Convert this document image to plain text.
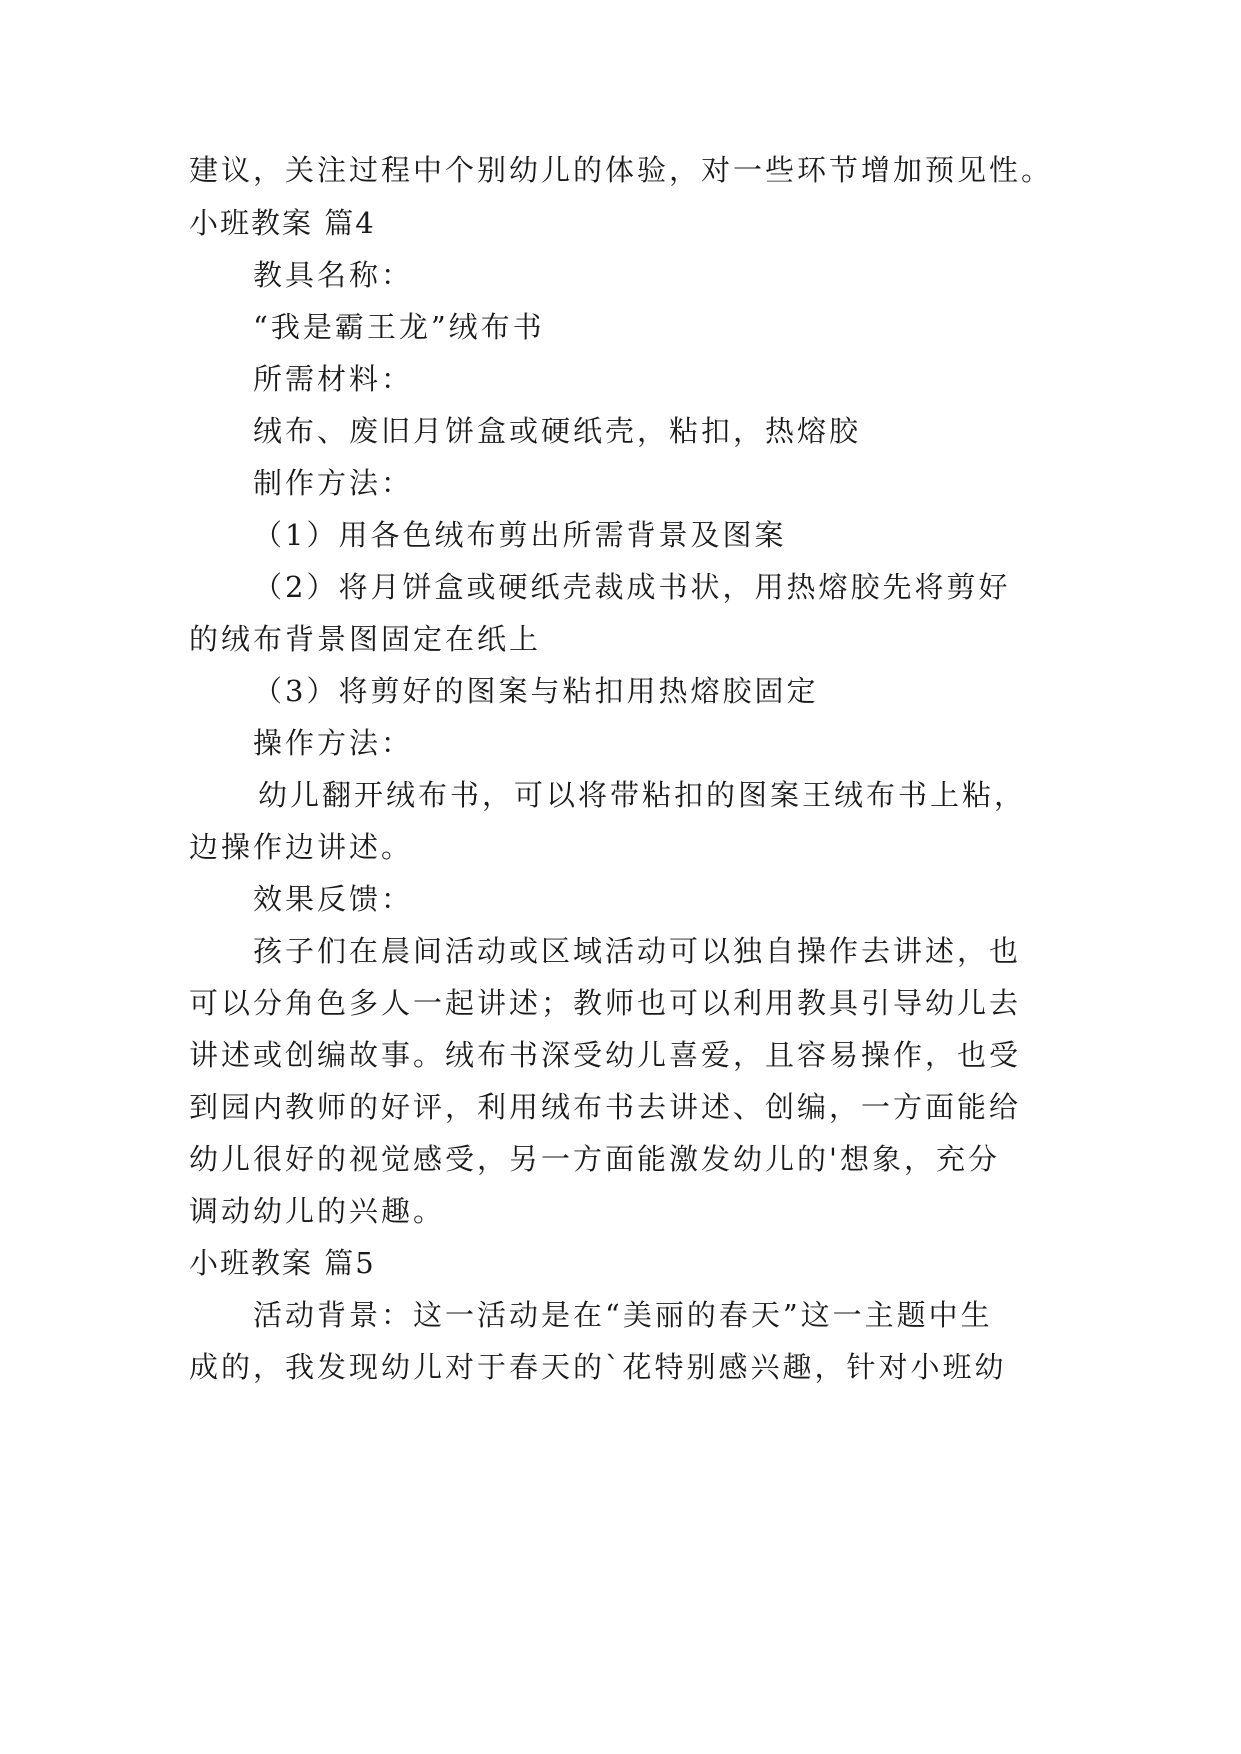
建议，关注过程中个别幼儿的体验，对一些环节增加预见性。
小班教案 篇4
教具名称：
“我是霸王龙”绒布书
所需材料：
绒布、废旧月饼盒或硬纸壳，粘扣，热熔胶
制作方法：
（1）用各色绒布剪出所需背景及图案
（2）将月饼盒或硬纸壳裁成书状，用热熔胶先将剪好
的绒布背景图固定在纸上
（3）将剪好的图案与粘扣用热熔胶固定
操作方法：
幼儿翻开绒布书，可以将带粘扣的图案王绒布书上粘，
边操作边讲述。
效果反馈：
孩子们在晨间活动或区域活动可以独自操作去讲述，也
可以分角色多人一起讲述；教师也可以利用教具引导幼儿去
讲述或创编故事。绒布书深受幼儿喜爱，且容易操作，也受
到园内教师的好评，利用绒布书去讲述、创编，一方面能给
幼儿很好的视觉感受，另一方面能激发幼儿的'想象，充分
调动幼儿的兴趣。
小班教案 篇5
活动背景：这一活动是在“美丽的春天”这一主题中生
成的，我发现幼儿对于春天的`花特别感兴趣，针对小班幼
